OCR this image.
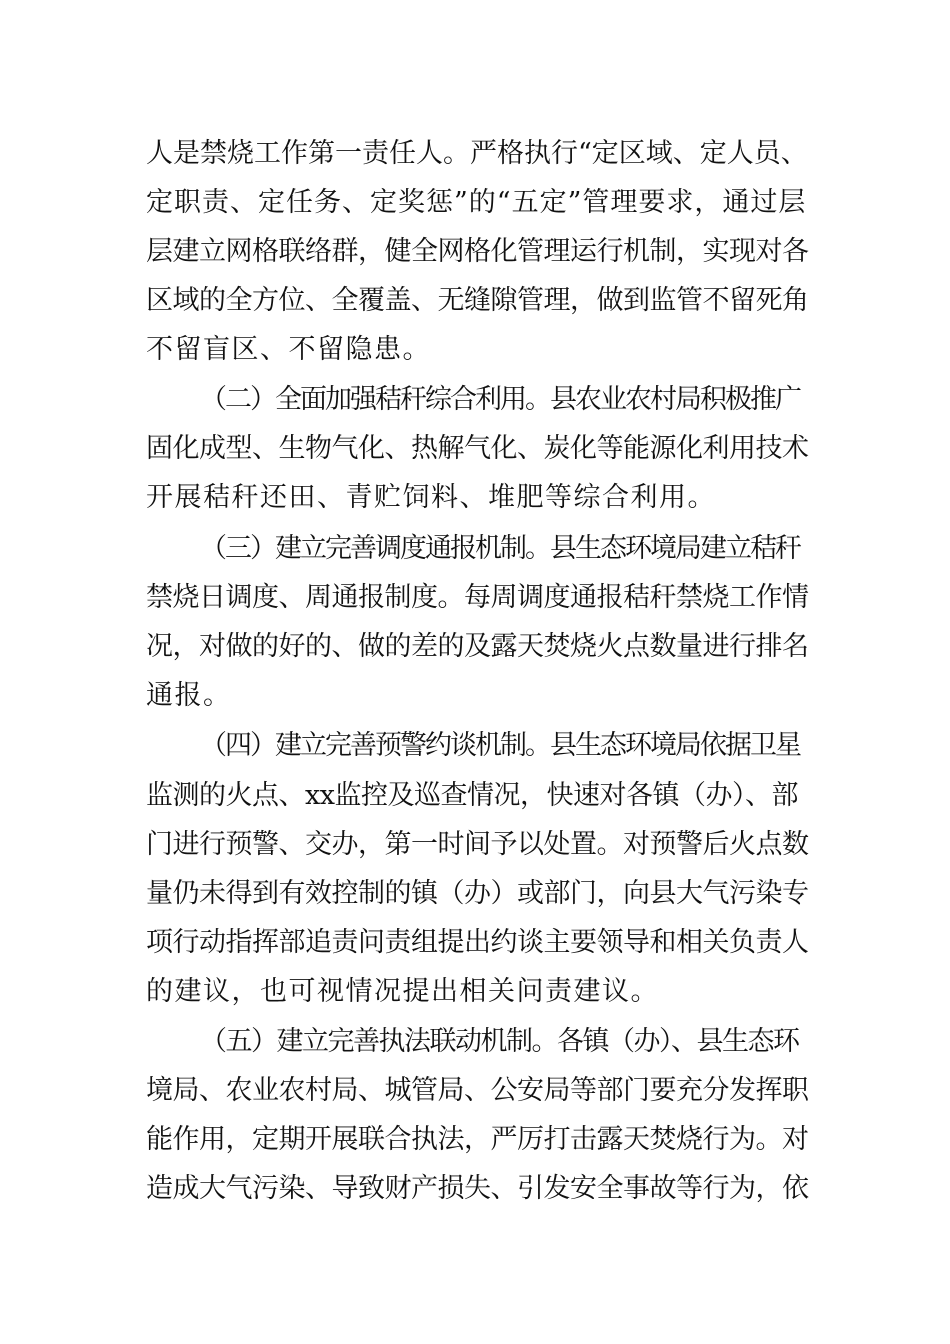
人是禁烧工作第一责任人。严格执行“定区域、定人员、
定职责、定任务、定奖惩”的“五定”管理要求，通过层
层建立网格联络群，健全网格化管理运行机制，实现对各
区域的全方位、全覆盖、无缝隙管理，做到监管不留死角
不留盲区、不留隐患。
（二）全面加强秸秆综合利用。县农业农村局积极推广
固化成型、生物气化、热解气化、炭化等能源化利用技术
开展秸秆还田、青贮饲料、堆肥等综合利用。
（三）建立完善调度通报机制。县生态环境局建立秸秆
禁烧日调度、周通报制度。每周调度通报秸秆禁烧工作情
况，对做的好的、做的差的及露天焚烧火点数量进行排名
通报。
（四）建立完善预警约谈机制。县生态环境局依据卫星
监测的火点、xx监控及巡查情况，快速对各镇（办）、部
门进行预警、交办，第一时间予以处置。对预警后火点数
量仍未得到有效控制的镇（办）或部门，向县大气污染专
项行动指挥部追责问责组提出约谈主要领导和相关负责人
的建议，也可视情况提出相关问责建议。
（五）建立完善执法联动机制。各镇（办）、县生态环
境局、农业农村局、城管局、公安局等部门要充分发挥职
能作用，定期开展联合执法，严厉打击露天焚烧行为。对
造成大气污染、导致财产损失、引发安全事故等行为，依
